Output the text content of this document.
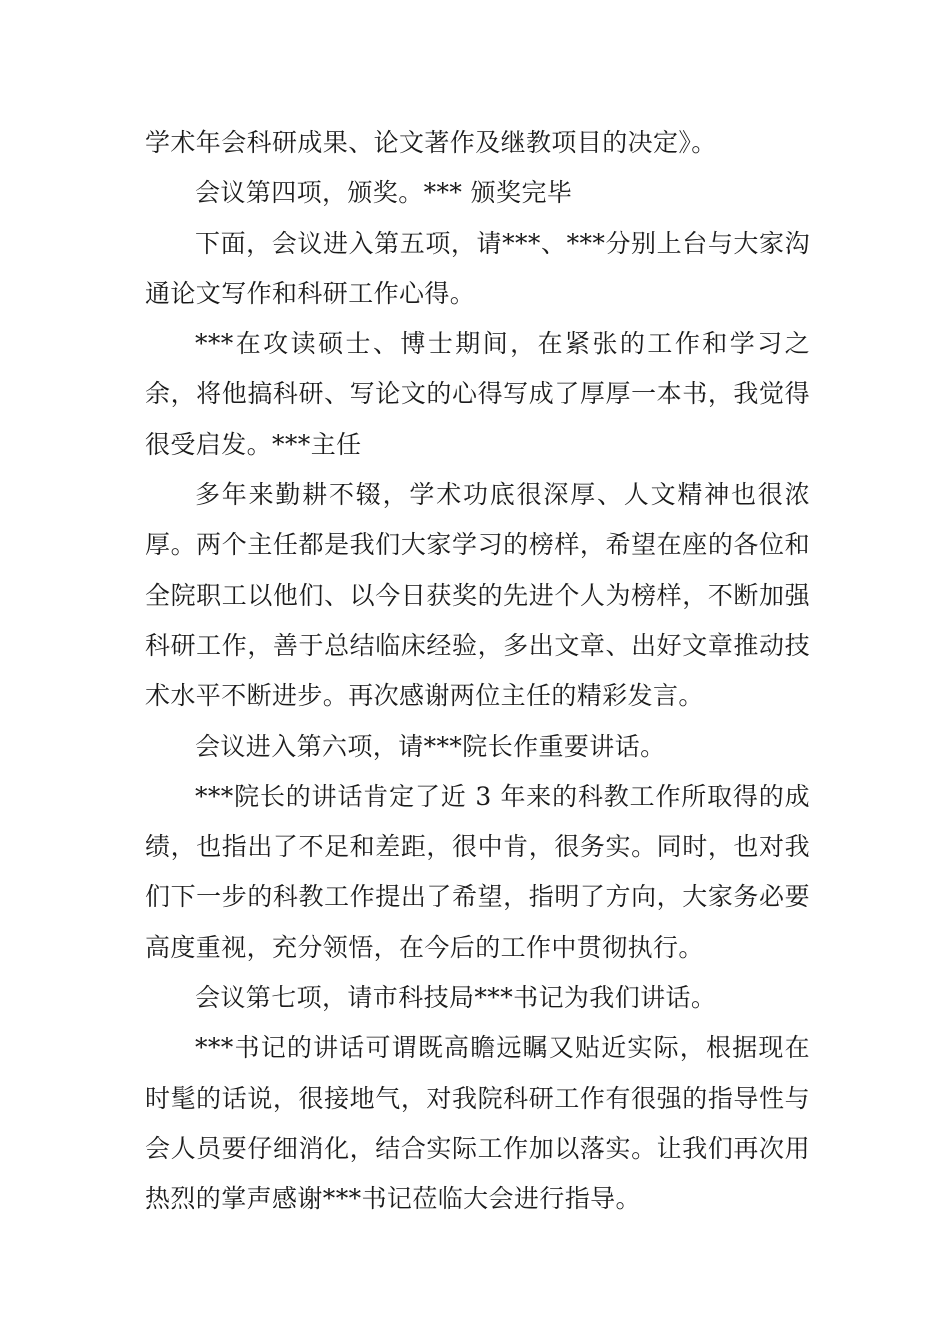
学术年会科研成果、论文著作及继教项目的决定》。

会议第四项，颁奖。*** 颁奖完毕

下面，会议进入第五项，请***、***分别上台与大家沟通论文写作和科研工作心得。

***在攻读硕士、博士期间，在紧张的工作和学习之余，将他搞科研、写论文的心得写成了厚厚一本书，我觉得很受启发。***主任

多年来勤耕不辍，学术功底很深厚、人文精神也很浓厚。两个主任都是我们大家学习的榜样，希望在座的各位和全院职工以他们、以今日获奖的先进个人为榜样，不断加强科研工作，善于总结临床经验，多出文章、出好文章推动技术水平不断进步。再次感谢两位主任的精彩发言。

会议进入第六项，请***院长作重要讲话。

***院长的讲话肯定了近 3 年来的科教工作所取得的成绩，也指出了不足和差距，很中肯，很务实。同时，也对我们下一步的科教工作提出了希望，指明了方向，大家务必要高度重视，充分领悟，在今后的工作中贯彻执行。

会议第七项，请市科技局***书记为我们讲话。

***书记的讲话可谓既高瞻远瞩又贴近实际，根据现在时髦的话说，很接地气，对我院科研工作有很强的指导性与会人员要仔细消化，结合实际工作加以落实。让我们再次用热烈的掌声感谢***书记莅临大会进行指导。
